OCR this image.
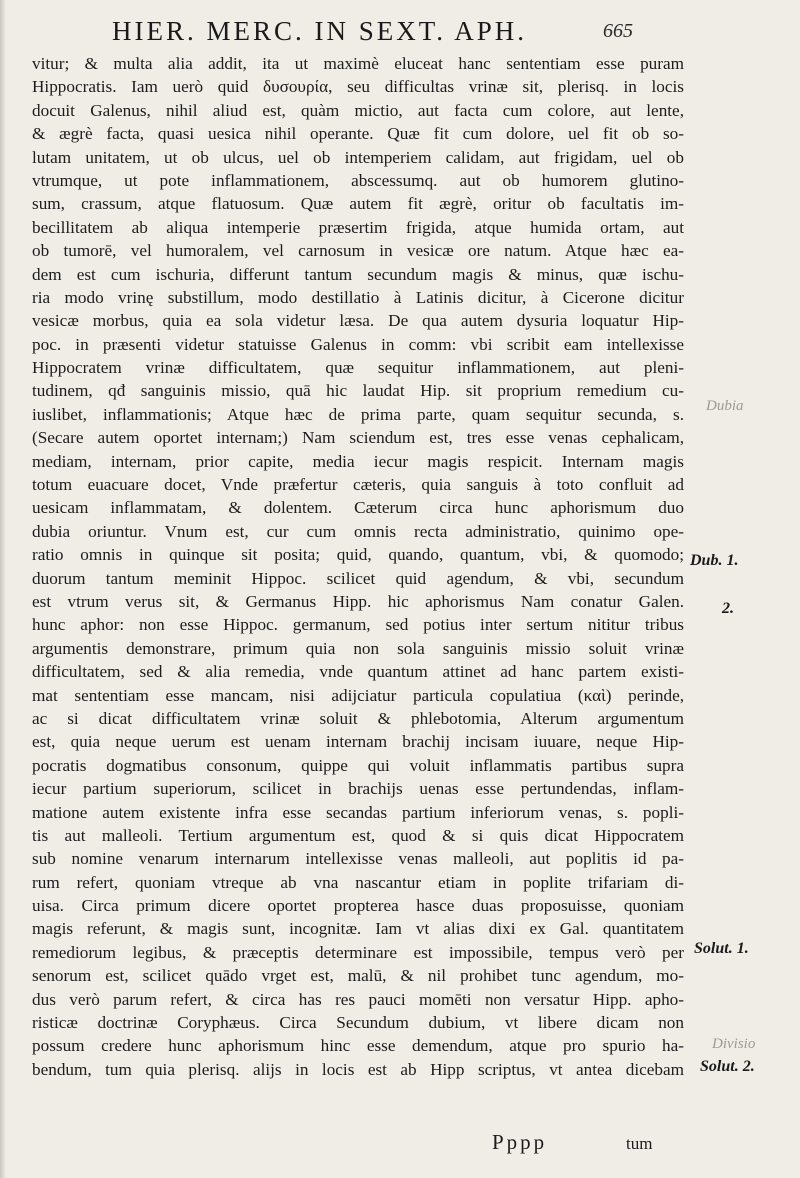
HIER. MERC. IN SEXT. APH.	665
vitur; & multa alia addit, ita ut maximè eluceat hanc sententiam esse puram
Hippocratis. Iam uerò quid δυσουρία, seu difficultas vrinæ sit, plerisq. in locis
docuit Galenus, nihil aliud est, quàm mictio, aut facta cum colore, aut lente,
& ægrè facta, quasi uesica nihil operante. Quæ fit cum dolore, uel fit ob so-
lutam unitatem, ut ob ulcus, uel ob intemperiem calidam, aut frigidam, uel ob
vtrumque, ut pote inflammationem, abscessumq. aut ob humorem glutino-
sum, crassum, atque flatuosum. Quæ autem fit ægrè, oritur ob facultatis im-
becillitatem ab aliqua intemperie præsertim frigida, atque humida ortam, aut
ob tumorē, vel humoralem, vel carnosum in vesicæ ore natum. Atque hæc ea-
dem est cum ischuria, differunt tantum secundum magis & minus, quæ ischu-
ria modo vrinę substillum, modo destillatio à Latinis dicitur, à Cicerone dicitur
vesicæ morbus, quia ea sola videtur læsa. De qua autem dysuria loquatur Hip-
poc. in præsenti videtur statuisse Galenus in comm: vbi scribit eam intellexisse
Hippocratem vrinæ difficultatem, quæ sequitur inflammationem, aut pleni-
tudinem, qđ sanguinis missio, quā hic laudat Hip. sit proprium remedium cu-
iuslibet, inflammationis; Atque hæc de prima parte, quam sequitur secunda, s.
(Secare autem oportet internam;) Nam sciendum est, tres esse venas cephalicam,
mediam, internam, prior capite, media iecur magis respicit. Internam magis
totum euacuare docet, Vnde præfertur cæteris, quia sanguis à toto confluit ad
uesicam inflammatam, & dolentem. Cæterum circa hunc aphorismum duo
dubia oriuntur. Vnum est, cur cum omnis recta administratio, quinimo ope-
ratio omnis in quinque sit posita; quid, quando, quantum, vbi, & quomodo;
duorum tantum meminit Hippoc. scilicet quid agendum, & vbi, secundum
est vtrum verus sit, & Germanus Hipp. hic aphorismus Nam conatur Galen.
hunc aphor: non esse Hippoc. germanum, sed potius inter sertum nititur tribus
argumentis demonstrare, primum quia non sola sanguinis missio soluit vrinæ
difficultatem, sed & alia remedia, vnde quantum attinet ad hanc partem existi-
mat sententiam esse mancam, nisi adijciatur particula copulatiua (καὶ) perinde,
ac si dicat difficultatem vrinæ soluit & phlebotomia, Alterum argumentum
est, quia neque uerum est uenam internam brachij incisam iuuare, neque Hip-
pocratis dogmatibus consonum, quippe qui voluit inflammatis partibus supra
iecur partium superiorum, scilicet in brachijs uenas esse pertundendas, inflam-
matione autem existente infra esse secandas partium inferiorum venas, s. popli-
tis aut malleoli. Tertium argumentum est, quod & si quis dicat Hippocratem
sub nomine venarum internarum intellexisse venas malleoli, aut poplitis id pa-
rum refert, quoniam vtreque ab vna nascantur etiam in poplite trifariam di-
uisa. Circa primum dicere oportet propterea hasce duas proposuisse, quoniam
magis referunt, & magis sunt, incognitæ. Iam vt alias dixi ex Gal. quantitatem
remediorum legibus, & præceptis determinare est impossibile, tempus verò per
senorum est, scilicet quādo vrget est, malū, & nil prohibet tunc agendum, mo-
dus verò parum refert, & circa has res pauci momēti non versatur Hipp. apho-
risticæ doctrinæ Coryphæus. Circa Secundum dubium, vt libere dicam non
possum credere hunc aphorismum hinc esse demendum, atque pro spurio ha-
bendum, tum quia plerisq. alijs in locis est ab Hipp scriptus, vt antea dicebam
Dub. 1.
2.
Solut. 1.
Solut. 2.
Dubia
Divisio
Pppp	tum
